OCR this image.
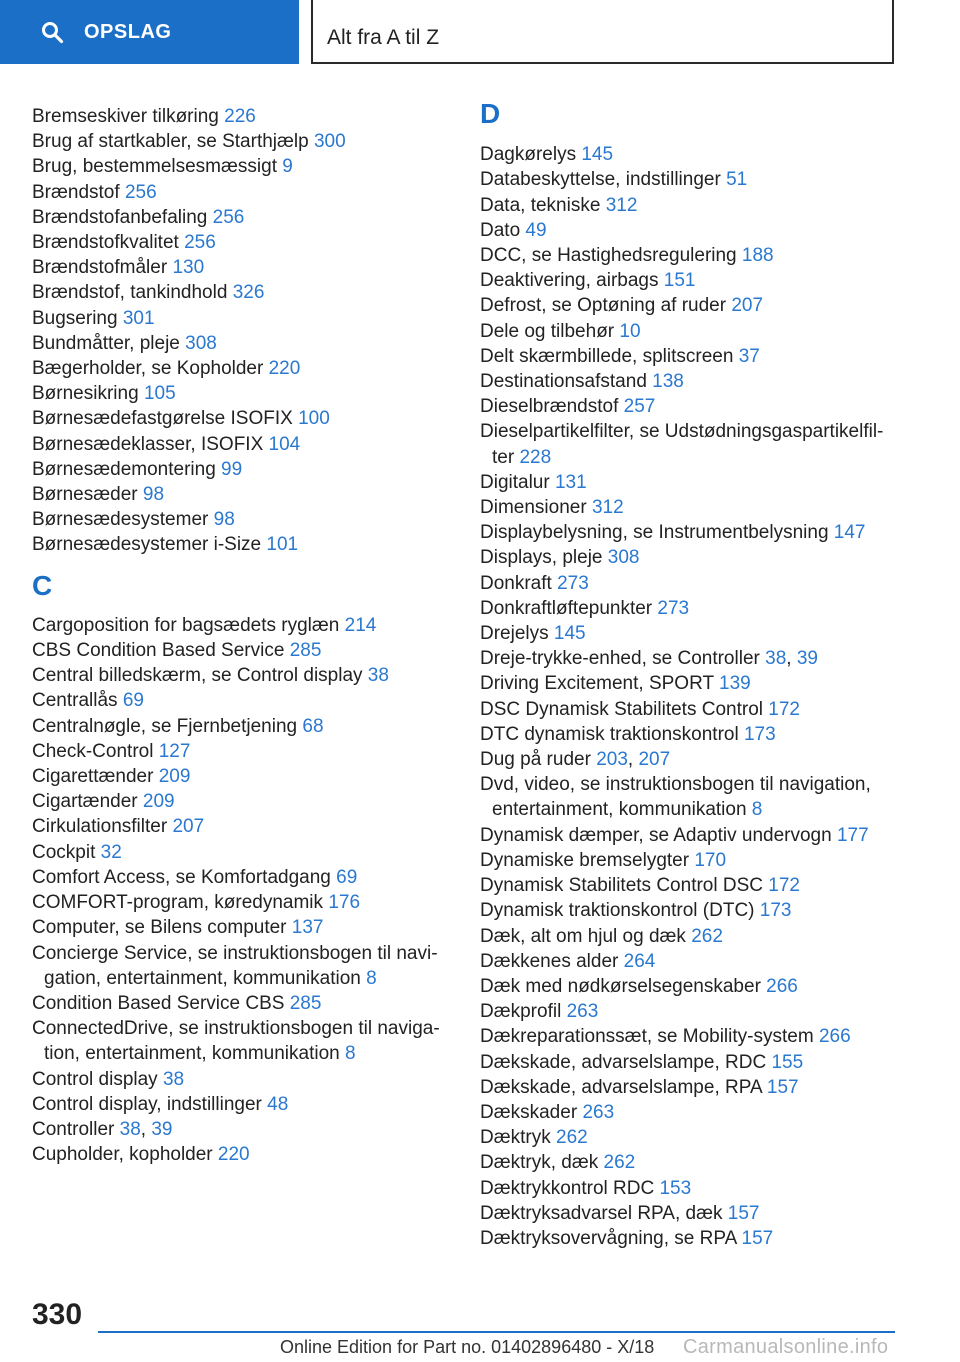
OPSLAG	Alt fra A til Z

Bremseskiver tilkøring 226

Brug af startkabler, se Starthjælp 300

Brug, bestemmelsesmæssigt 9

Brændstof 256

Brændstofanbefaling 256

Brændstofkvalitet 256

Brændstofmåler 130

Brændstof, tankindhold 326

Bugsering 301

Bundmåtter, pleje 308

Bægerholder, se Kopholder 220

Børnesikring 105

Børnesædefastgørelse ISOFIX 100

Børnesædeklasser, ISOFIX 104

Børnesædemontering 99

Børnesæder 98

Børnesædesystemer 98

Børnesædesystemer i-Size 101

C

Cargoposition for bagsædets ryglæn 214

CBS Condition Based Service 285

Central billedskærm, se Control display 38

Centrallås 69

Centralnøgle, se Fjernbetjening 68

Check-Control 127

Cigarettænder 209

Cigartænder 209

Cirkulationsfilter 207

Cockpit 32

Comfort Access, se Komfortadgang 69

COMFORT-program, køredynamik 176

Computer, se Bilens computer 137

Concierge Service, se instruktionsbogen til navi‐gation, entertainment, kommunikation 8

Condition Based Service CBS 285

ConnectedDrive, se instruktionsbogen til naviga‐tion, entertainment, kommunikation 8

Control display 38

Control display, indstillinger 48

Controller 38, 39

Cupholder, kopholder 220

D

Dagkørelys 145

Databeskyttelse, indstillinger 51

Data, tekniske 312

Dato 49

DCC, se Hastighedsregulering 188

Deaktivering, airbags 151

Defrost, se Optøning af ruder 207

Dele og tilbehør 10

Delt skærmbillede, splitscreen 37

Destinationsafstand 138

Dieselbrændstof 257

Dieselpartikelfilter, se Udstødningsgaspartikelfil‐ter 228

Digitalur 131

Dimensioner 312

Displaybelysning, se Instrumentbelysning 147

Displays, pleje 308

Donkraft 273

Donkraftløftepunkter 273

Drejelys 145

Dreje-trykke-enhed, se Controller 38, 39

Driving Excitement, SPORT 139

DSC Dynamisk Stabilitets Control 172

DTC dynamisk traktionskontrol 173

Dug på ruder 203, 207

Dvd, video, se instruktionsbogen til navigation, entertainment, kommunikation 8

Dynamisk dæmper, se Adaptiv undervogn 177

Dynamiske bremselygter 170

Dynamisk Stabilitets Control DSC 172

Dynamisk traktionskontrol (DTC) 173

Dæk, alt om hjul og dæk 262

Dækkenes alder 264

Dæk med nødkørselsegenskaber 266

Dækprofil 263

Dækreparationssæt, se Mobility-system 266

Dækskade, advarselslampe, RDC 155

Dækskade, advarselslampe, RPA 157

Dækskader 263

Dæktryk 262

Dæktryk, dæk 262

Dæktrykkontrol RDC 153

Dæktryksadvarsel RPA, dæk 157

Dæktryksovervågning, se RPA 157

330
Online Edition for Part no. 01402896480 - X/18 Carmanualsonline.info
